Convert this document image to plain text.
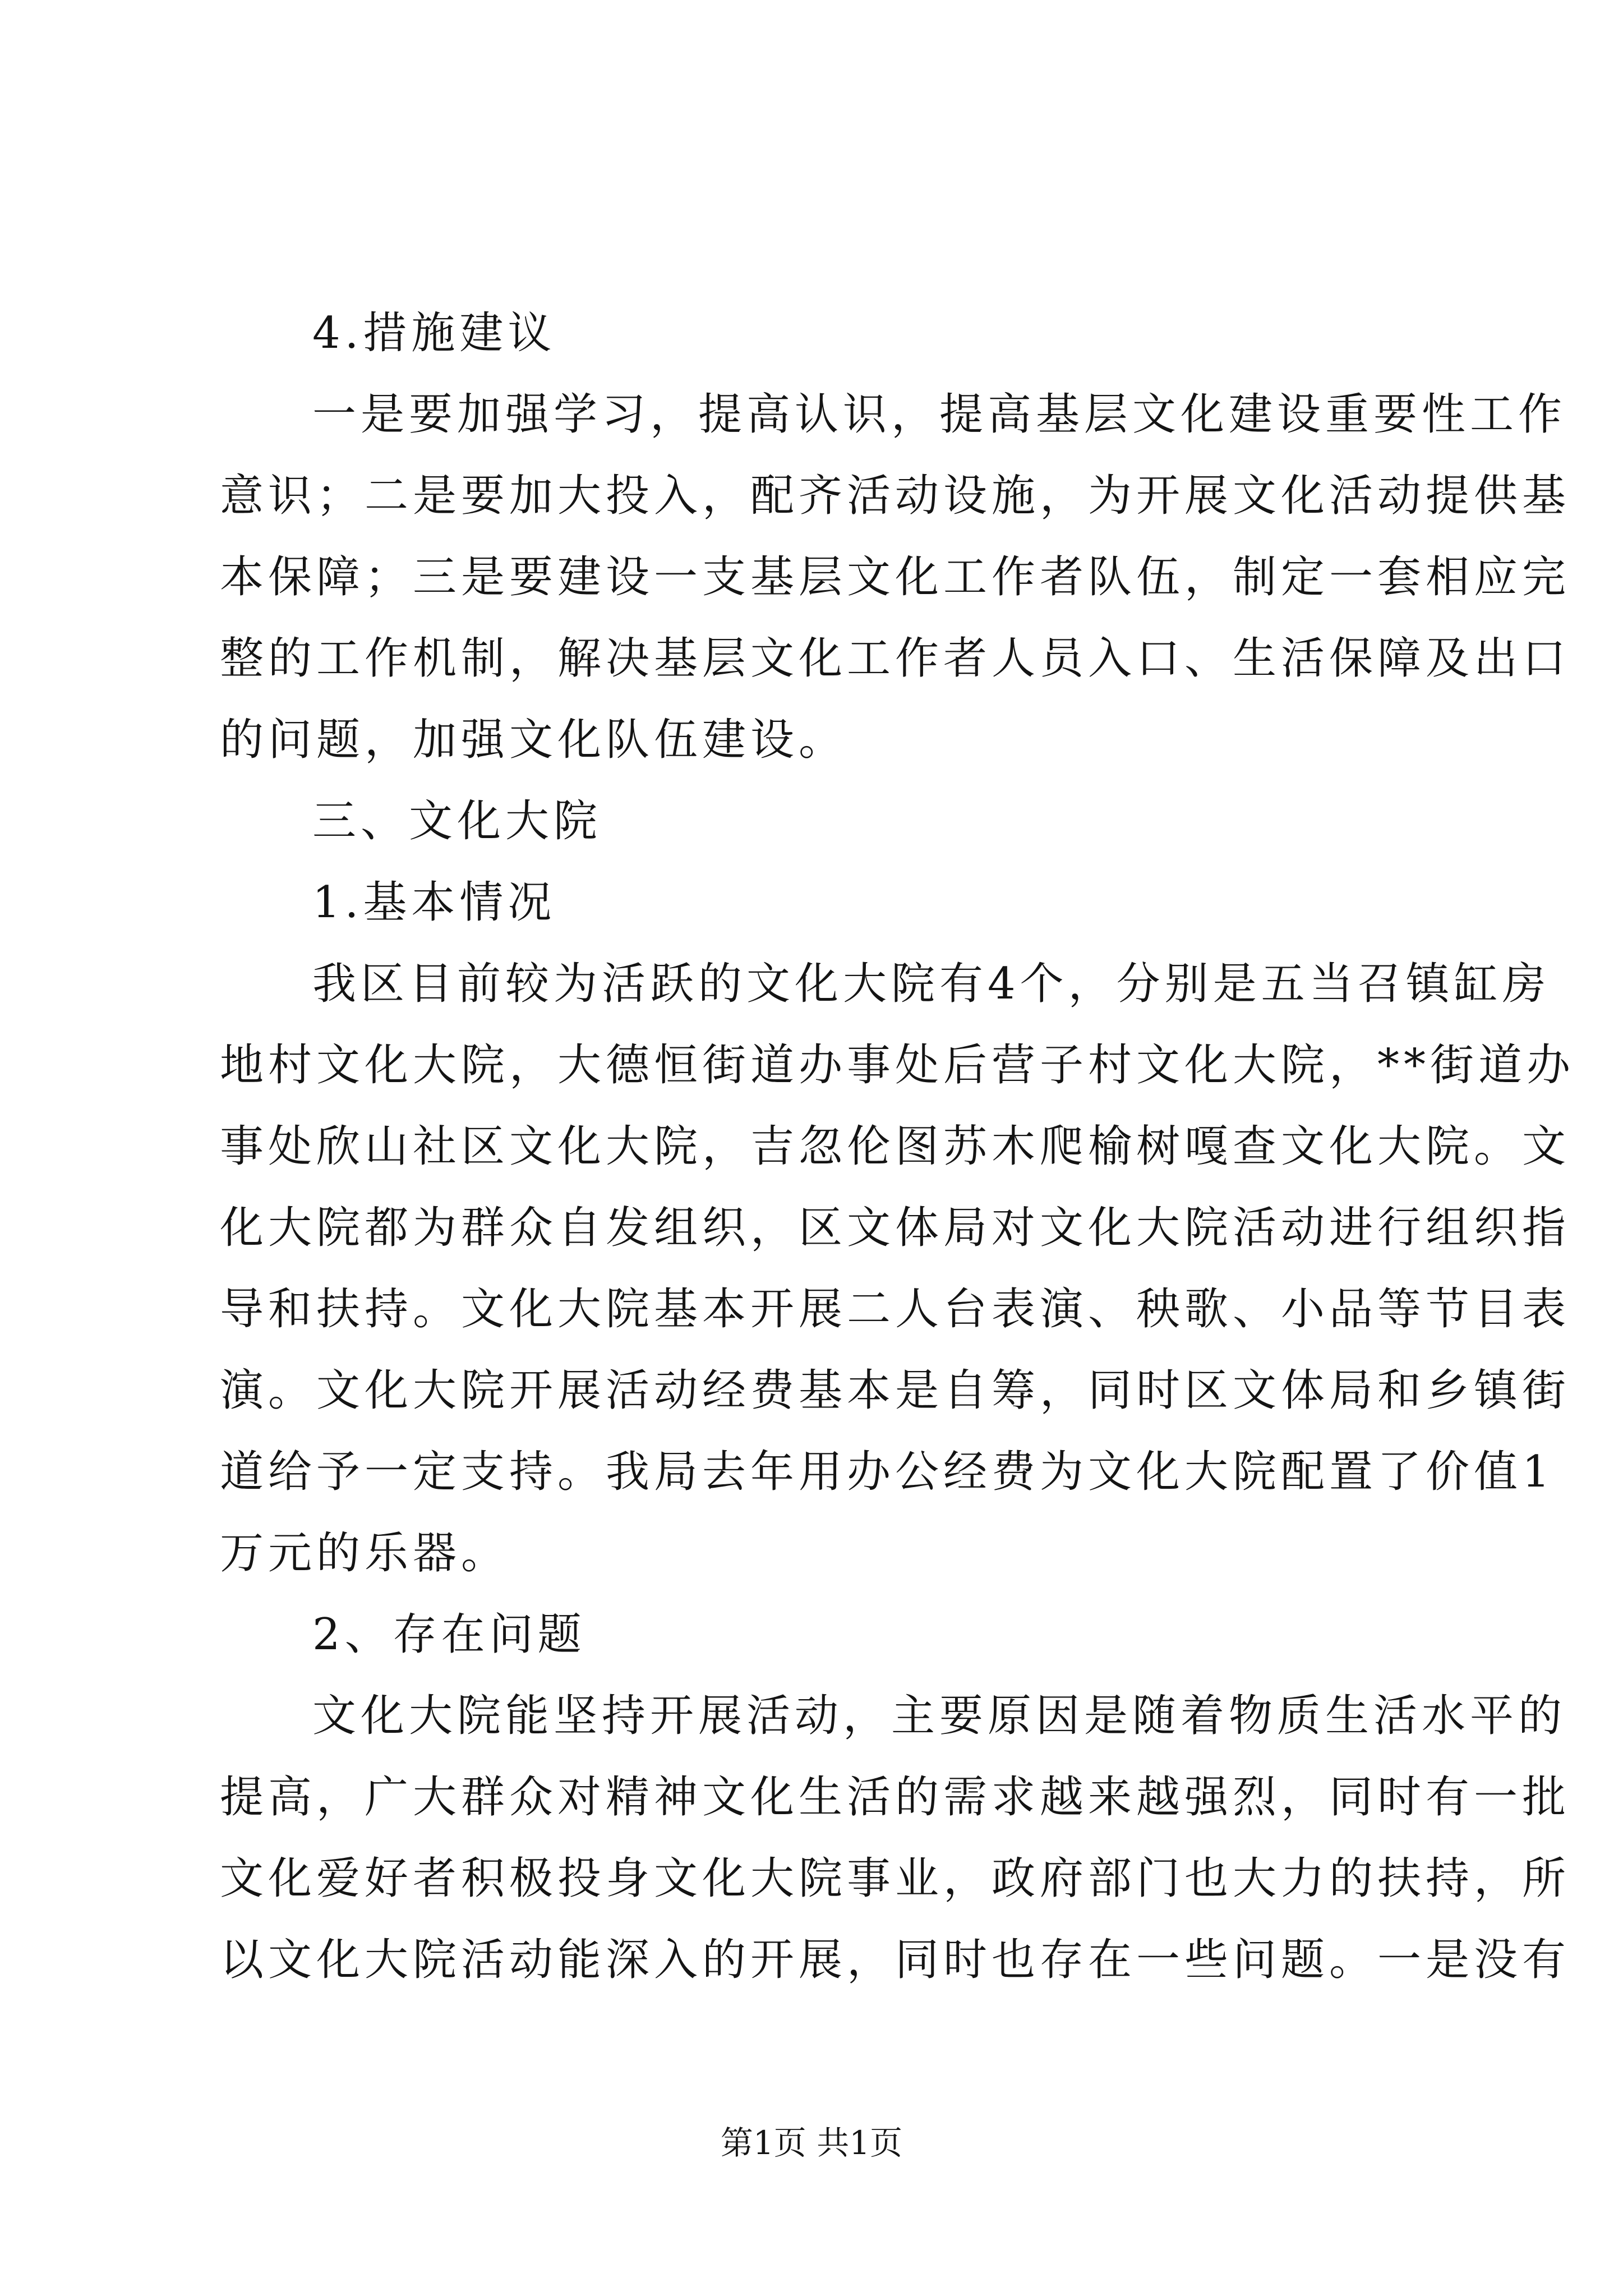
4.措施建议
一是要加强学习，提高认识，提高基层文化建设重要性工作
意识；二是要加大投入，配齐活动设施，为开展文化活动提供基
本保障；三是要建设一支基层文化工作者队伍，制定一套相应完
整的工作机制，解决基层文化工作者人员入口、生活保障及出口
的问题，加强文化队伍建设。
三、文化大院
1.基本情况
我区目前较为活跃的文化大院有4个，分别是五当召镇缸房
地村文化大院，大德恒街道办事处后营子村文化大院，**街道办
事处欣山社区文化大院，吉忽伦图苏木爬榆树嘎查文化大院。文
化大院都为群众自发组织，区文体局对文化大院活动进行组织指
导和扶持。文化大院基本开展二人台表演、秧歌、小品等节目表
演。文化大院开展活动经费基本是自筹，同时区文体局和乡镇街
道给予一定支持。我局去年用办公经费为文化大院配置了价值1
万元的乐器。
2、存在问题
文化大院能坚持开展活动，主要原因是随着物质生活水平的
提高，广大群众对精神文化生活的需求越来越强烈，同时有一批
文化爱好者积极投身文化大院事业，政府部门也大力的扶持，所
以文化大院活动能深入的开展，同时也存在一些问题。一是没有
第1页 共1页
